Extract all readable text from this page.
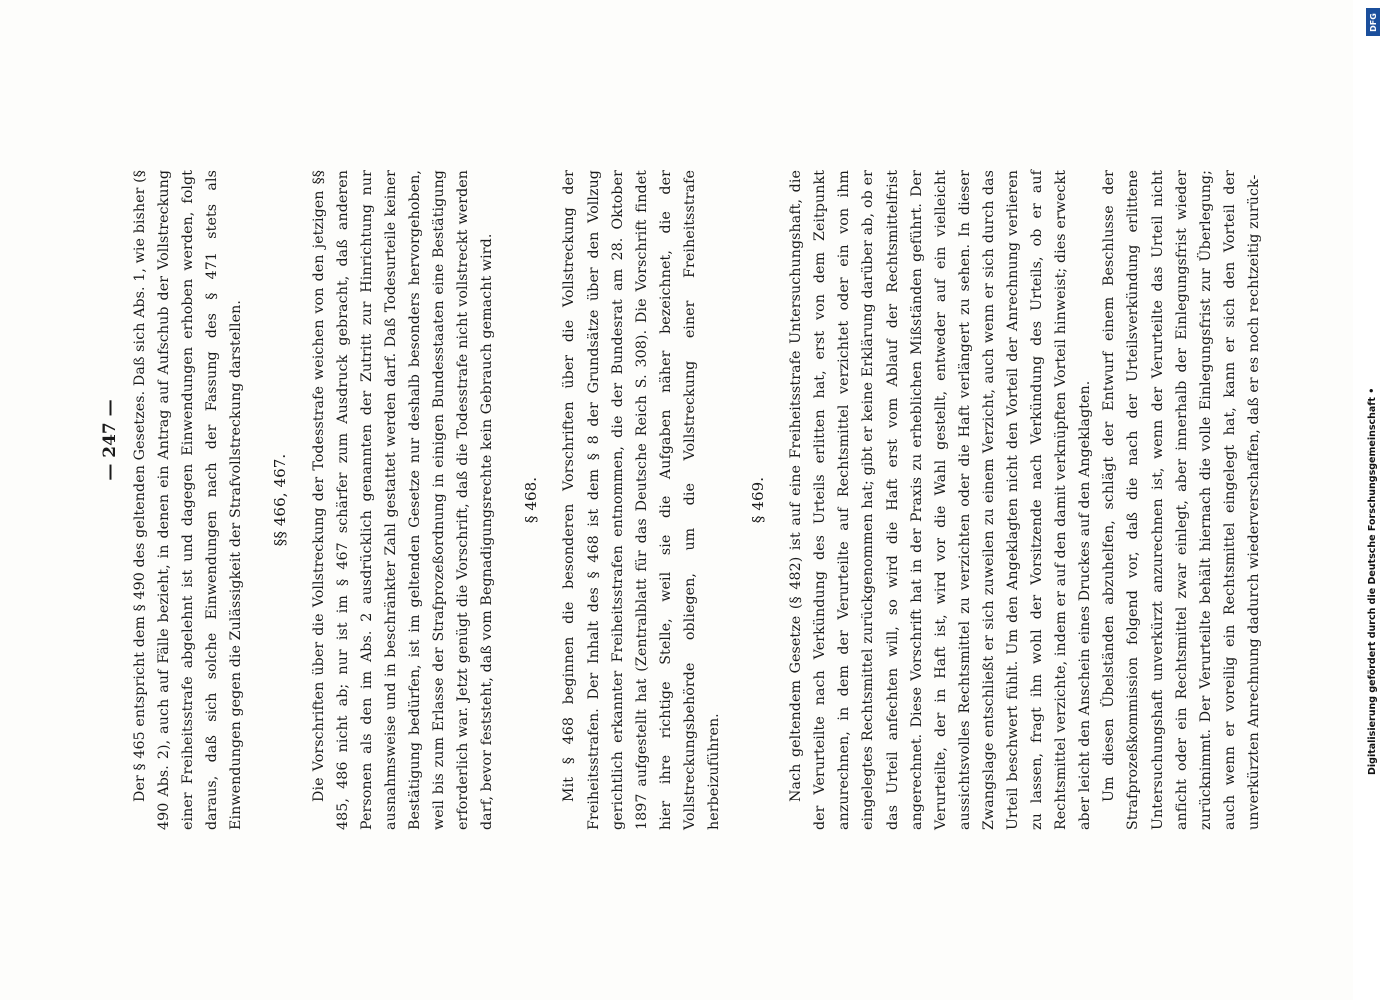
— 247 — Der § 465 entspricht dem § 490 des geltenden Gesetzes. Daß sich Abs. 1, wie bisher (§ 490 Abs. 2), auch auf Fälle bezieht, in denen ein Antrag auf Aufschub der Vollstreckung einer Freiheitsstrafe abgelehnt ist und dagegen Einwendungen erhoben werden, folgt daraus, daß sich solche Einwendungen nach der Fassung des § 471 stets als Einwendungen gegen die Zulässigkeit der Strafvollstreckung darstellen. §§ 466, 467. Die Vorschriften über die Vollstreckung der Todesstrafe weichen von den jetzigen §§ 485, 486 nicht ab; nur ist im § 467 schärfer zum Ausdruck gebracht, daß anderen Personen als den im Abs. 2 ausdrücklich genannten der Zutritt zur Hinrichtung nur ausnahmsweise und in beschränkter Zahl gestattet werden darf. Daß Todesurteile keiner Bestätigung bedürfen, ist im geltenden Gesetze nur deshalb besonders hervorgehoben, weil bis zum Erlasse der Strafprozeßordnung in einigen Bundesstaaten eine Bestätigung erforderlich war. Jetzt genügt die Vorschrift, daß die Todesstrafe nicht vollstreckt werden darf, bevor feststeht, daß vom Begnadigungsrechte kein Gebrauch gemacht wird. § 468. Mit § 468 beginnen die besonderen Vorschriften über die Vollstreckung der Freiheitsstrafen. Der Inhalt des § 468 ist dem § 8 der Grundsätze über den Vollzug gerichtlich erkannter Freiheitsstrafen entnommen, die der Bundesrat am 28. Oktober 1897 aufgestellt hat (Zentralblatt für das Deutsche Reich S. 308). Die Vorschrift findet hier ihre richtige Stelle, weil sie die Aufgaben näher bezeichnet, die der Vollstreckungsbehörde obliegen, um die Vollstreckung einer Freiheitsstrafe herbeizuführen.

§ 469. Nach geltendem Gesetze (§ 482) ist auf eine Freiheitsstrafe Untersuchungshaft, die der Verurteilte nach Verkündung des Urteils erlitten hat, erst von dem Zeitpunkt anzurechnen, in dem der Verurteilte auf Rechtsmittel verzichtet oder ein von ihm eingelegtes Rechtsmittel zurückgenommen hat; gibt er keine Erklärung darüber ab, ob er das Urteil anfechten will, so wird die Haft erst vom Ablauf der Rechtsmittelfrist angerechnet. Diese Vorschrift hat in der Praxis zu erheblichen Mißständen geführt. Der Verurteilte, der in Haft ist, wird vor die Wahl gestellt, entweder auf ein vielleicht aussichtsvolles Rechtsmittel zu verzichten oder die Haft verlängert zu sehen. In dieser Zwangslage entschließt er sich zuweilen zu einem Verzicht, auch wenn er sich durch das Urteil beschwert fühlt. Um den Angeklagten nicht den Vorteil der Anrechnung verlieren zu lassen, fragt ihn wohl der Vorsitzende nach Verkündung des Urteils, ob er auf Rechtsmittel verzichte, indem er auf den damit verknüpften Vorteil hinweist; dies erweckt aber leicht den Anschein eines Druckes auf den Angeklagten. Um diesen Übelständen abzuhelfen, schlägt der Entwurf einem Beschlusse der Strafprozeßkommission folgend vor, daß die nach der Urteilsverkündung erlittene Untersuchungshaft unverkürzt anzurechnen ist, wenn der Verurteilte das Urteil nicht anficht oder ein Rechtsmittel zwar einlegt, aber innerhalb der Einlegungsfrist wieder zurücknimmt. Der Verurteilte behält hiernach die volle Einlegungsfrist zur Überlegung; auch wenn er voreilig ein Rechtsmittel eingelegt hat, kann er sich den Vorteil der unverkürzten Anrechnung dadurch wiederverschaffen, daß er es noch rechtzeitig zurück-

DFG
Digitalisierung gefördert durch die Deutsche Forschungsgemeinschaft •
